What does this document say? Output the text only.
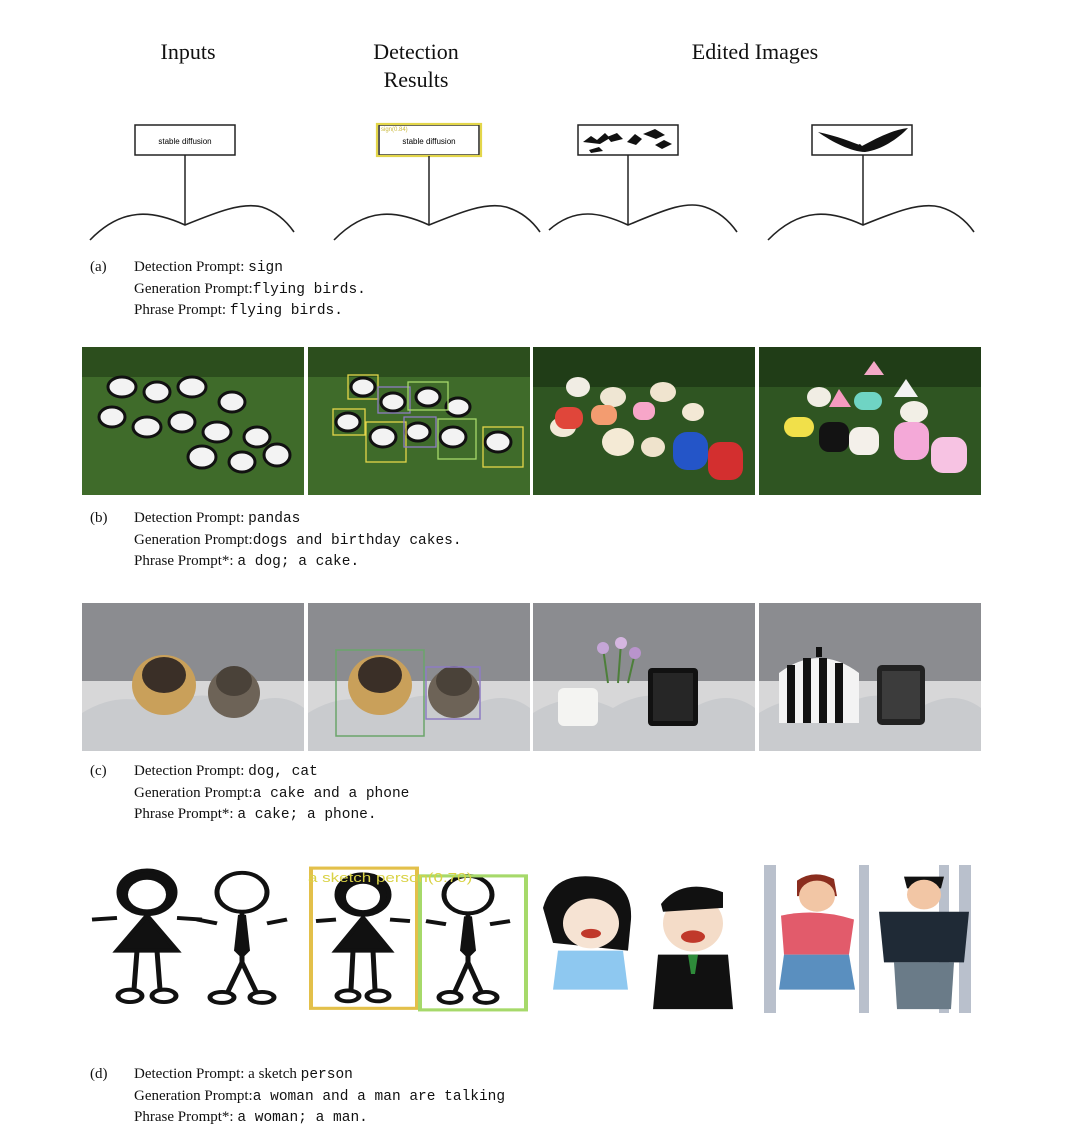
Inputs	Detection Results
Edited Images
stable diffusion
sign(0.84)
stable diffusion
(a) Detection Prompt: sign
Generation Prompt:flying birds.
Phrase Prompt: flying birds.
(b) Detection Prompt: pandas
Generation Prompt:dogs and birthday cakes.
Phrase Prompt*: a dog; a cake.
(c) Detection Prompt: dog, cat
Generation Prompt:a cake and a phone
Phrase Prompt*: a cake; a phone.
a sketch person(0.70)
(d) Detection Prompt: a sketch person
Generation Prompt:a woman and a man are talking
Phrase Prompt*: a woman; a man.
